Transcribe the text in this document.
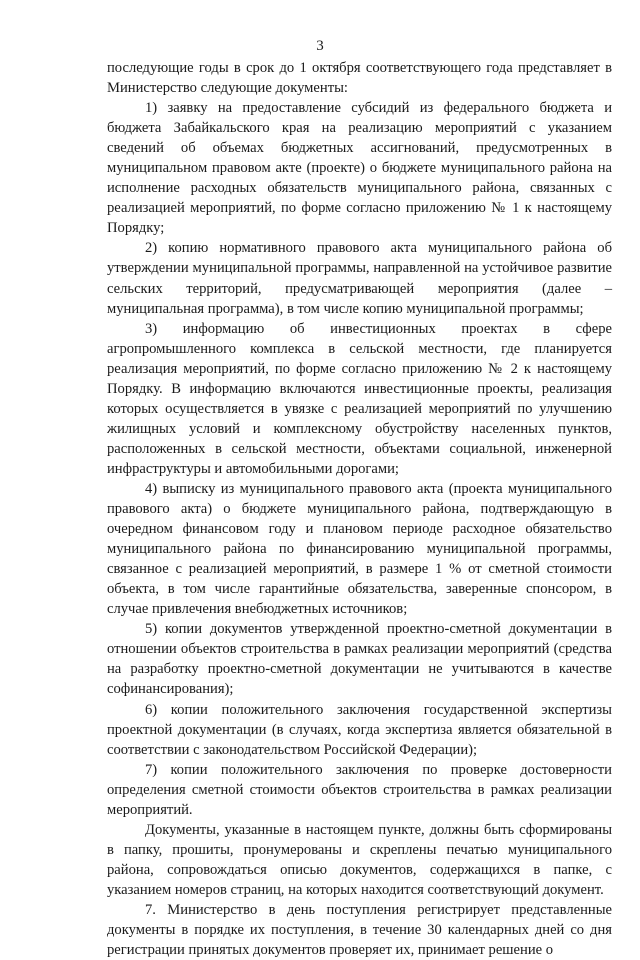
3

последующие годы в срок до 1 октября соответствующего года представляет в Министерство следующие документы:

1) заявку на предоставление субсидий из федерального бюджета и бюджета Забайкальского края на реализацию мероприятий с указанием сведений об объемах бюджетных ассигнований, предусмотренных в муниципальном правовом акте (проекте) о бюджете муниципального района на исполнение расходных обязательств муниципального района, связанных с реализацией мероприятий, по форме согласно приложению № 1 к настоящему Порядку;

2) копию нормативного правового акта муниципального района об утверждении муниципальной программы, направленной на устойчивое развитие сельских территорий, предусматривающей мероприятия (далее – муниципальная программа), в том числе копию муниципальной программы;

3) информацию об инвестиционных проектах в сфере агропромышленного комплекса в сельской местности, где планируется реализация мероприятий, по форме согласно приложению № 2 к настоящему Порядку. В информацию включаются инвестиционные проекты, реализация которых осуществляется в увязке с реализацией мероприятий по улучшению жилищных условий и комплексному обустройству населенных пунктов, расположенных в сельской местности, объектами социальной, инженерной инфраструктуры и автомобильными дорогами;

4) выписку из муниципального правового акта (проекта муниципального правового акта) о бюджете муниципального района, подтверждающую в очередном финансовом году и плановом периоде расходное обязательство муниципального района по финансированию муниципальной программы, связанное с реализацией мероприятий, в размере 1 % от сметной стоимости объекта, в том числе гарантийные обязательства, заверенные спонсором, в случае привлечения внебюджетных источников;

5) копии документов утвержденной проектно-сметной документации в отношении объектов строительства в рамках реализации мероприятий (средства на разработку проектно-сметной документации не учитываются в качестве софинансирования);

6) копии положительного заключения государственной экспертизы проектной документации (в случаях, когда экспертиза является обязательной в соответствии с законодательством Российской Федерации);

7) копии положительного заключения по проверке достоверности определения сметной стоимости объектов строительства в рамках реализации мероприятий.

Документы, указанные в настоящем пункте, должны быть сформированы в папку, прошиты, пронумерованы и скреплены печатью муниципального района, сопровождаться описью документов, содержащихся в папке, с указанием номеров страниц, на которых находится соответствующий документ.

7. Министерство в день поступления регистрирует представленные документы в порядке их поступления, в течение 30 календарных дней со дня регистрации принятых документов проверяет их, принимает решение о
